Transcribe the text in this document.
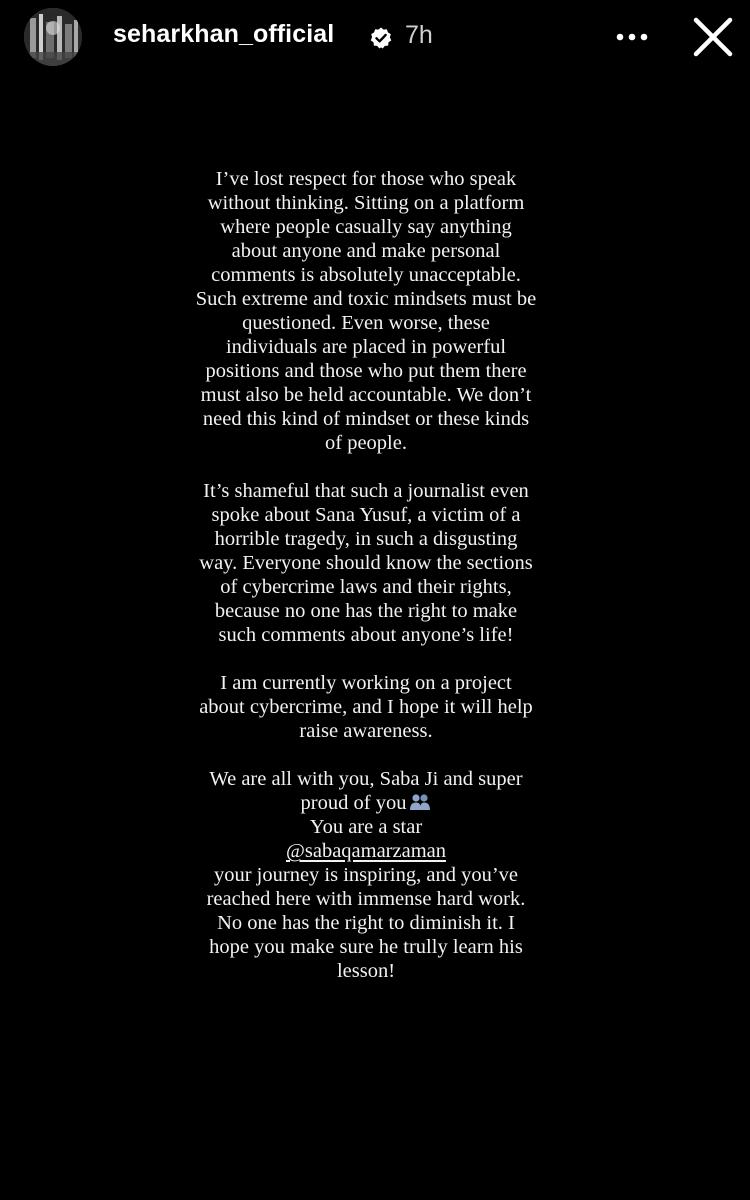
seharkhan_official	7h

I’ve lost respect for those who speak without thinking. Sitting on a platform where people casually say anything about anyone and make personal comments is absolutely unacceptable. Such extreme and toxic mindsets must be questioned. Even worse, these individuals are placed in powerful positions and those who put them there must also be held accountable. We don’t need this kind of mindset or these kinds of people.

It’s shameful that such a journalist even spoke about Sana Yusuf, a victim of a horrible tragedy, in such a disgusting way. Everyone should know the sections of cybercrime laws and their rights, because no one has the right to make such comments about anyone’s life!

I am currently working on a project about cybercrime, and I hope it will help raise awareness.

We are all with you, Saba Ji and super proud of you
You are a star
@sabaqamarzaman
your journey is inspiring, and you’ve reached here with immense hard work. No one has the right to diminish it. I hope you make sure he trully learn his lesson!
